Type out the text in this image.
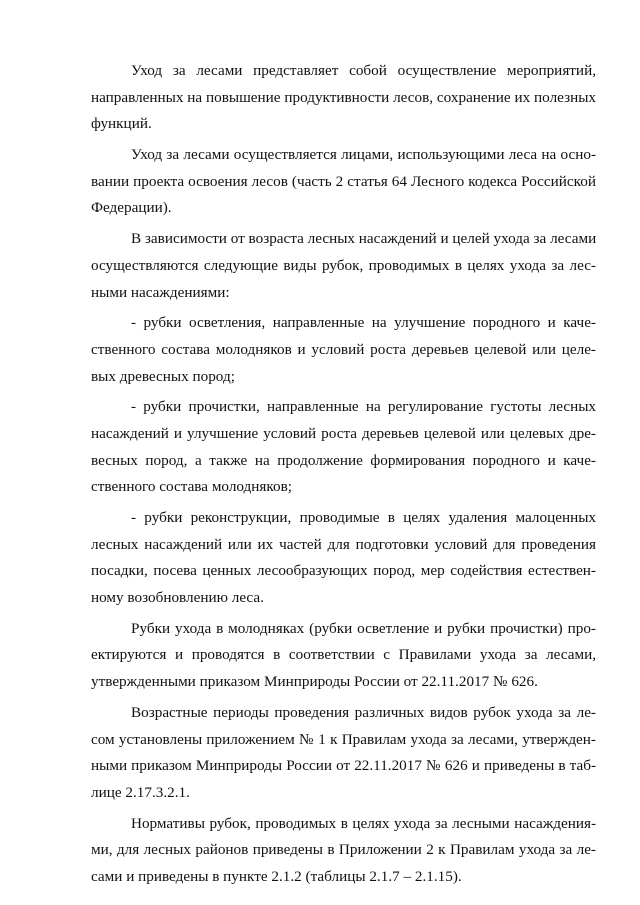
Уход за лесами представляет собой осуществление мероприятий,
направленных на повышение продуктивности лесов, сохранение их полезных
функций.
Уход за лесами осуществляется лицами, использующими леса на осно-
вании проекта освоения лесов (часть 2 статья 64 Лесного кодекса Российской
Федерации).
В зависимости от возраста лесных насаждений и целей ухода за лесами
осуществляются следующие виды рубок, проводимых в целях ухода за лес-
ными насаждениями:
- рубки осветления, направленные на улучшение породного и каче-
ственного состава молодняков и условий роста деревьев целевой или целе-
вых древесных пород;
- рубки прочистки, направленные на регулирование густоты лесных
насаждений и улучшение условий роста деревьев целевой или целевых дре-
весных пород, а также на продолжение формирования породного и каче-
ственного состава молодняков;
- рубки реконструкции, проводимые в целях удаления малоценных
лесных насаждений или их частей для подготовки условий для проведения
посадки, посева ценных лесообразующих пород, мер содействия естествен-
ному возобновлению леса.
Рубки ухода в молодняках (рубки осветление и рубки прочистки) про-
ектируются и проводятся в соответствии с Правилами ухода за лесами,
утвержденными приказом Минприроды России от 22.11.2017 № 626.
Возрастные периоды проведения различных видов рубок ухода за ле-
сом установлены приложением № 1 к Правилам ухода за лесами, утвержден-
ными приказом Минприроды России от 22.11.2017 № 626 и приведены в таб-
лице 2.17.3.2.1.
Нормативы рубок, проводимых в целях ухода за лесными насаждения-
ми, для лесных районов приведены в Приложении 2 к Правилам ухода за ле-
сами и приведены в пункте 2.1.2 (таблицы 2.1.7 – 2.1.15).
